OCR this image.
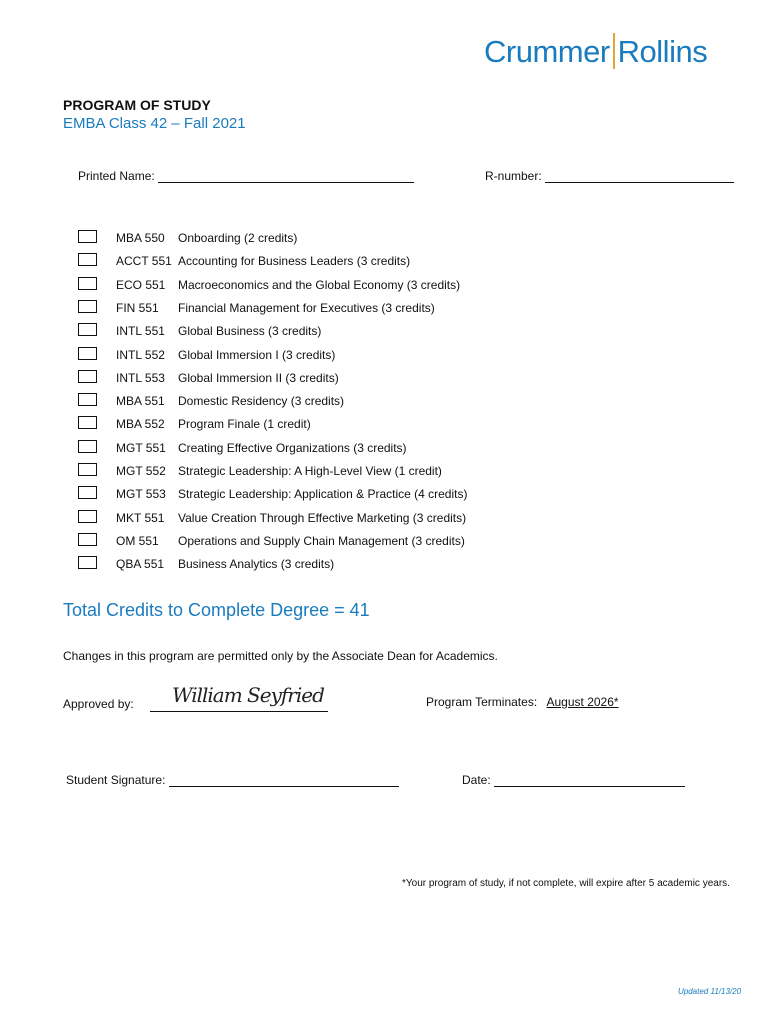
Crummer Rollins
PROGRAM OF STUDY
EMBA Class 42 – Fall 2021
Printed Name:	R-number:
MBA 550 Onboarding (2 credits)
ACCT 551 Accounting for Business Leaders (3 credits)
ECO 551 Macroeconomics and the Global Economy (3 credits)
FIN 551 Financial Management for Executives (3 credits)
INTL 551 Global Business (3 credits)
INTL 552 Global Immersion I (3 credits)
INTL 553 Global Immersion II (3 credits)
MBA 551 Domestic Residency (3 credits)
MBA 552 Program Finale (1 credit)
MGT 551 Creating Effective Organizations (3 credits)
MGT 552 Strategic Leadership: A High-Level View (1 credit)
MGT 553 Strategic Leadership: Application & Practice (4 credits)
MKT 551 Value Creation Through Effective Marketing (3 credits)
OM 551 Operations and Supply Chain Management (3 credits)
QBA 551 Business Analytics (3 credits)
Total Credits to Complete Degree = 41
Changes in this program are permitted only by the Associate Dean for Academics.
Approved by: William Seyfried	Program Terminates: August 2026*
Student Signature:	Date:
*Your program of study, if not complete, will expire after 5 academic years.
Updated 11/13/20
